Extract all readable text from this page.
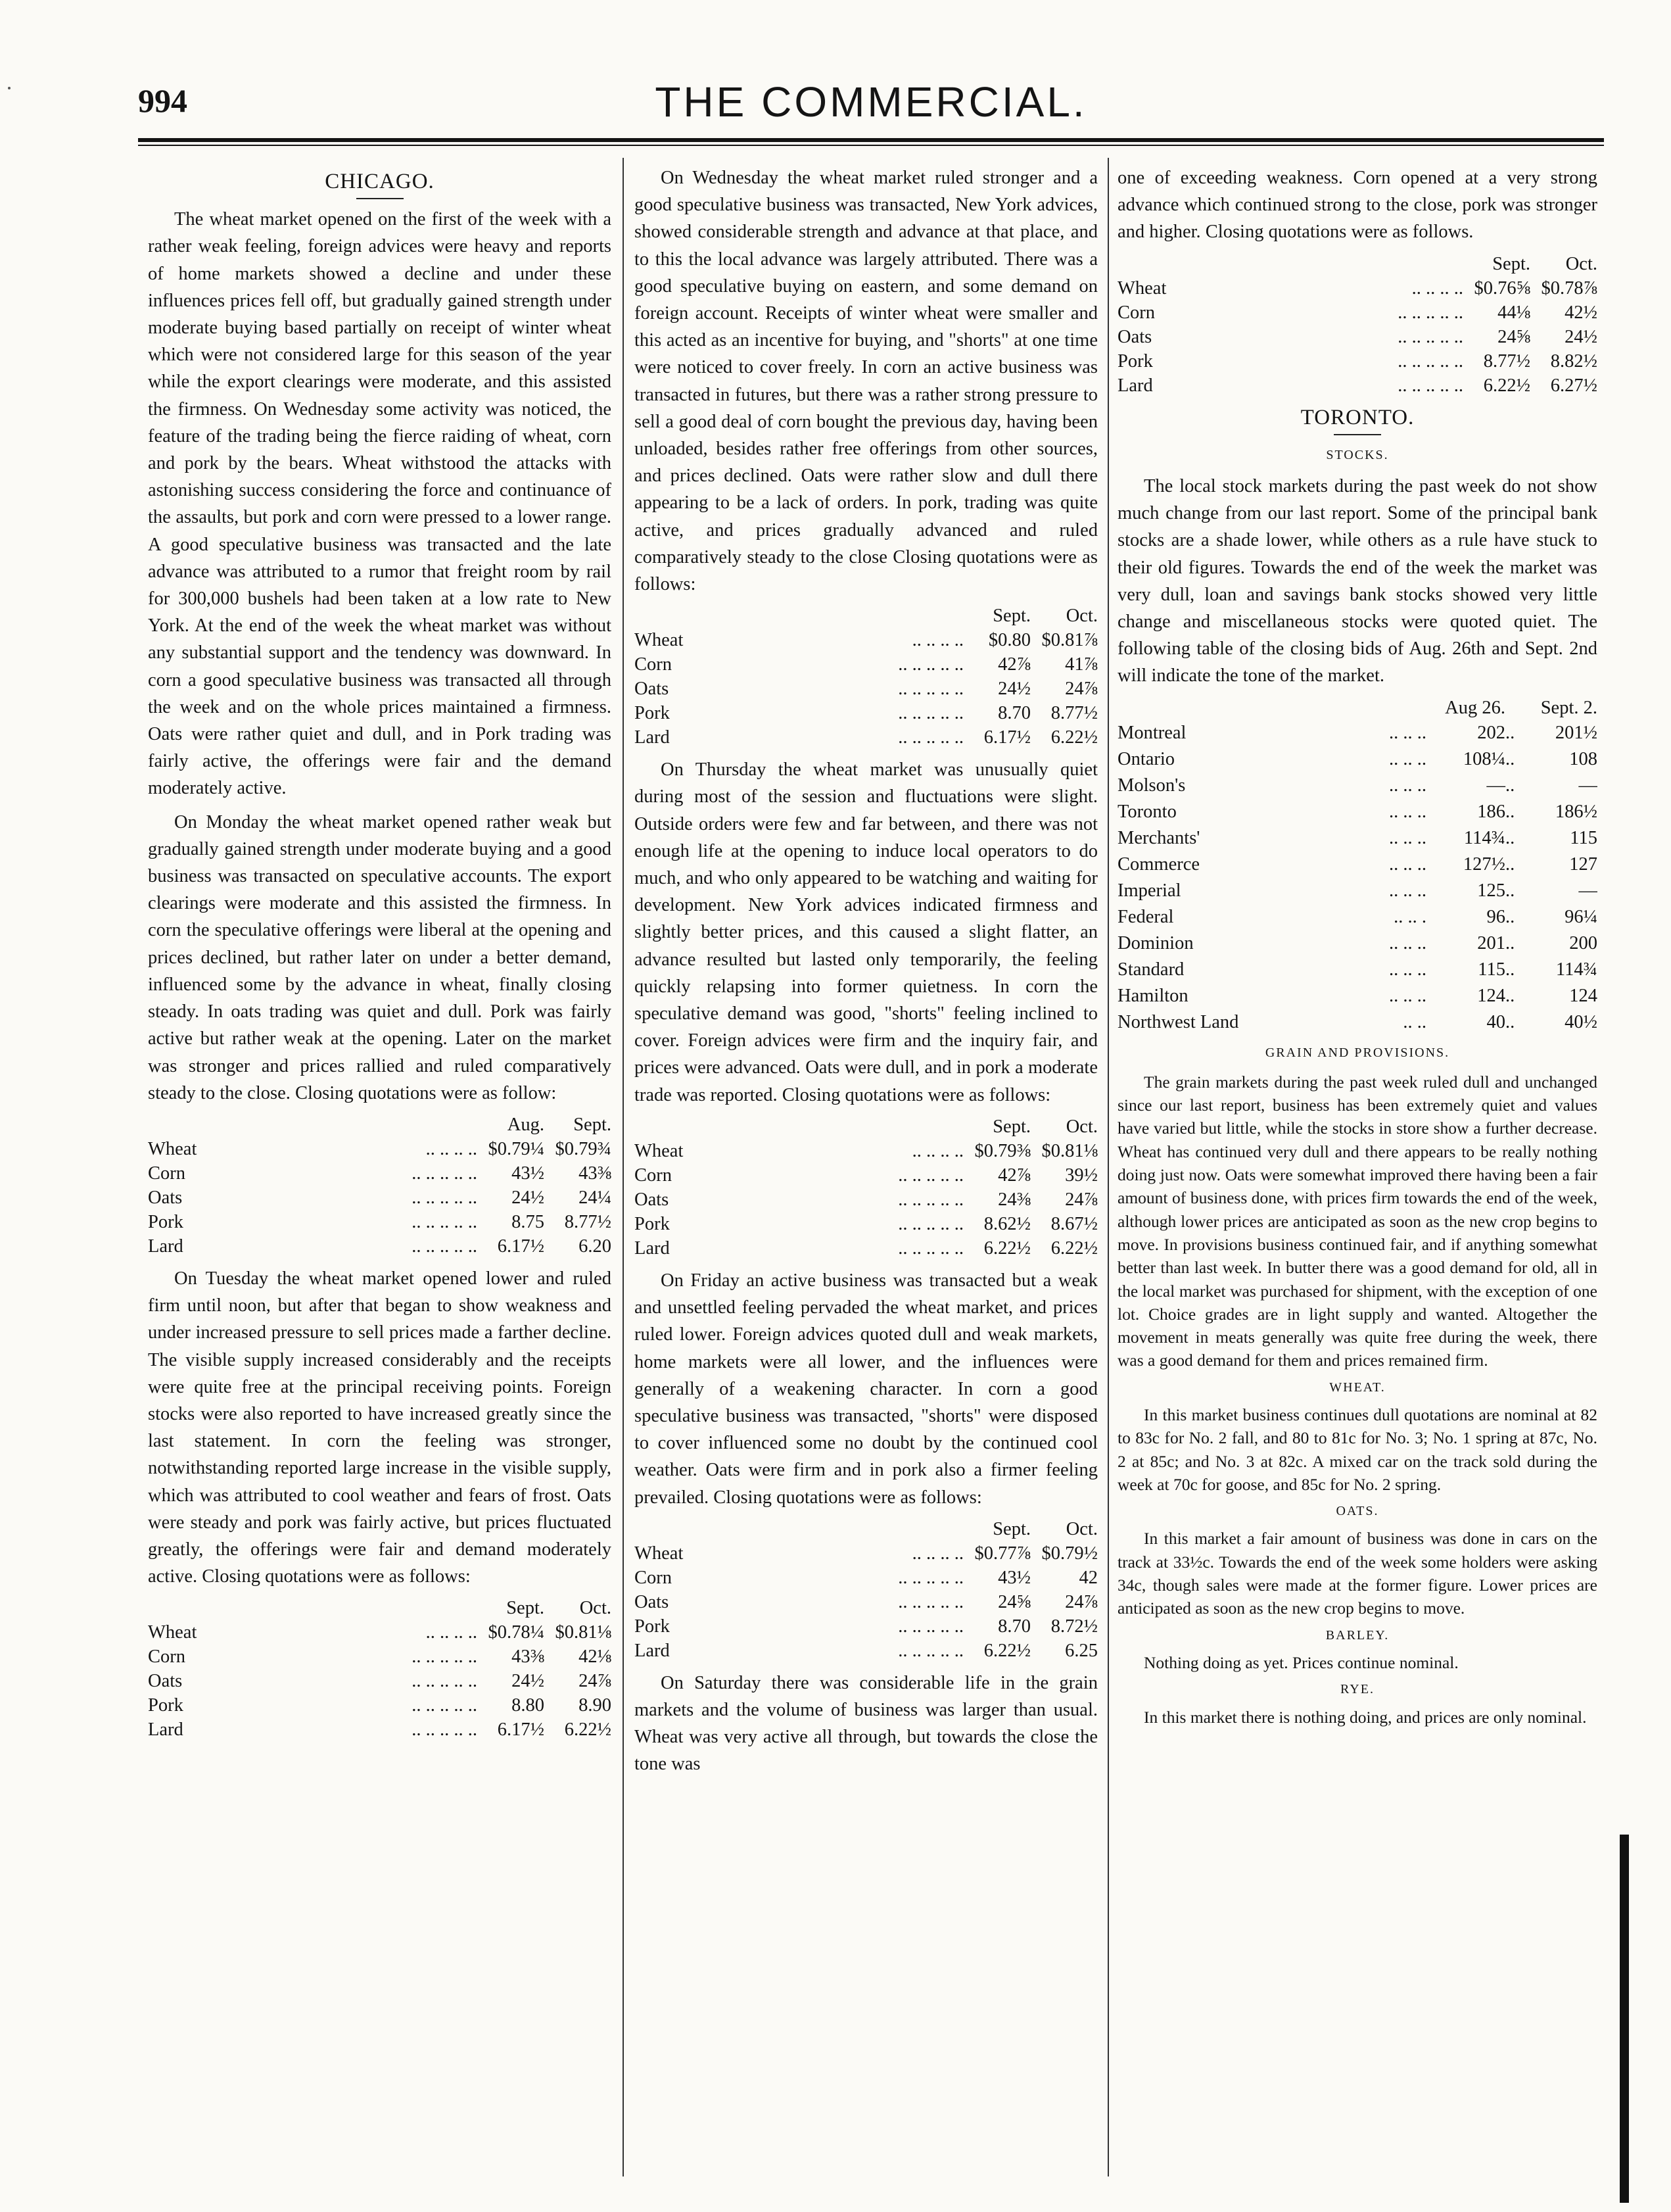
994	THE COMMERCIAL.
CHICAGO.

The wheat market opened on the first of the week with a rather weak feeling, foreign advices were heavy and reports of home markets showed a decline and under these influences prices fell off, but gradually gained strength under moderate buying based partially on receipt of winter wheat which were not considered large for this season of the year while the export clearings were moderate, and this assisted the firmness. On Wednesday some activity was noticed, the feature of the trading being the fierce raiding of wheat, corn and pork by the bears. Wheat withstood the attacks with astonishing success considering the force and continuance of the assaults, but pork and corn were pressed to a lower range. A good speculative business was transacted and the late advance was attributed to a rumor that freight room by rail for 300,000 bushels had been taken at a low rate to New York. At the end of the week the wheat market was without any substantial support and the tendency was downward. In corn a good speculative business was transacted all through the week and on the whole prices maintained a firmness. Oats were rather quiet and dull, and in Pork trading was fairly active, the offerings were fair and the demand moderately active.

On Monday the wheat market opened rather weak but gradually gained strength under moderate buying and a good business was transacted on speculative accounts. The export clearings were moderate and this assisted the firmness. In corn the speculative offerings were liberal at the opening and prices declined, but rather later on under a better demand, influenced some by the advance in wheat, finally closing steady. In oats trading was quiet and dull. Pork was fairly active but rather weak at the opening. Later on the market was stronger and prices rallied and ruled comparatively steady to the close. Closing quotations were as follow:

		Aug.	Sept.
Wheat	.. .. .. ..	$0.79¼	$0.79¾
Corn	.. .. .. .. ..	43½	43⅜
Oats	.. .. .. .. ..	24½	24¼
Pork	.. .. .. .. ..	8.75	8.77½
Lard	.. .. .. .. ..	6.17½	6.20

On Tuesday the wheat market opened lower and ruled firm until noon, but after that began to show weakness and under increased pressure to sell prices made a farther decline. The visible supply increased considerably and the receipts were quite free at the principal receiving points. Foreign stocks were also reported to have increased greatly since the last statement. In corn the feeling was stronger, notwithstanding reported large increase in the visible supply, which was attributed to cool weather and fears of frost. Oats were steady and pork was fairly active, but prices fluctuated greatly, the offerings were fair and demand moderately active. Closing quotations were as follows:

		Sept.	Oct.
Wheat	.. .. .. ..	$0.78¼	$0.81⅛
Corn	.. .. .. .. ..	43⅜	42⅛
Oats	.. .. .. .. ..	24½	24⅞
Pork	.. .. .. .. ..	8.80	8.90
Lard	.. .. .. .. ..	6.17½	6.22½

On Wednesday the wheat market ruled stronger and a good speculative business was transacted, New York advices, showed considerable strength and advance at that place, and to this the local advance was largely attributed. There was a good speculative buying on eastern, and some demand on foreign account. Receipts of winter wheat were smaller and this acted as an incentive for buying, and "shorts" at one time were noticed to cover freely. In corn an active business was transacted in futures, but there was a rather strong pressure to sell a good deal of corn bought the previous day, having been unloaded, besides rather free offerings from other sources, and prices declined. Oats were rather slow and dull there appearing to be a lack of orders. In pork, trading was quite active, and prices gradually advanced and ruled comparatively steady to the close Closing quotations were as follows:

		Sept.	Oct.
Wheat	.. .. .. ..	$0.80	$0.81⅞
Corn	.. .. .. .. ..	42⅞	41⅞
Oats	.. .. .. .. ..	24½	24⅞
Pork	.. .. .. .. ..	8.70	8.77½
Lard	.. .. .. .. ..	6.17½	6.22½

On Thursday the wheat market was unusually quiet during most of the session and fluctuations were slight. Outside orders were few and far between, and there was not enough life at the opening to induce local operators to do much, and who only appeared to be watching and waiting for development. New York advices indicated firmness and slightly better prices, and this caused a slight flatter, an advance resulted but lasted only temporarily, the feeling quickly relapsing into former quietness. In corn the speculative demand was good, "shorts" feeling inclined to cover. Foreign advices were firm and the inquiry fair, and prices were advanced. Oats were dull, and in pork a moderate trade was reported. Closing quotations were as follows:

		Sept.	Oct.
Wheat	.. .. .. ..	$0.79⅜	$0.81⅛
Corn	.. .. .. .. ..	42⅞	39½
Oats	.. .. .. .. ..	24⅜	24⅞
Pork	.. .. .. .. ..	8.62½	8.67½
Lard	.. .. .. .. ..	6.22½	6.22½

On Friday an active business was transacted but a weak and unsettled feeling pervaded the wheat market, and prices ruled lower. Foreign advices quoted dull and weak markets, home markets were all lower, and the influences were generally of a weakening character. In corn a good speculative business was transacted, "shorts" were disposed to cover influenced some no doubt by the continued cool weather. Oats were firm and in pork also a firmer feeling prevailed. Closing quotations were as follows:

		Sept.	Oct.
Wheat	.. .. .. ..	$0.77⅞	$0.79½
Corn	.. .. .. .. ..	43½	42
Oats	.. .. .. .. ..	24⅝	24⅞
Pork	.. .. .. .. ..	8.70	8.72½
Lard	.. .. .. .. ..	6.22½	6.25

On Saturday there was considerable life in the grain markets and the volume of business was larger than usual. Wheat was very active all through, but towards the close the tone was

one of exceeding weakness. Corn opened at a very strong advance which continued strong to the close, pork was stronger and higher. Closing quotations were as follows.

		Sept.	Oct.
Wheat	.. .. .. ..	$0.76⅝	$0.78⅞
Corn	.. .. .. .. ..	44⅛	42½
Oats	.. .. .. .. ..	24⅝	24½
Pork	.. .. .. .. ..	8.77½	8.82½
Lard	.. .. .. .. ..	6.22½	6.27½
TORONTO.
STOCKS.

The local stock markets during the past week do not show much change from our last report. Some of the principal bank stocks are a shade lower, while others as a rule have stuck to their old figures. Towards the end of the week the market was very dull, loan and savings bank stocks showed very little change and miscellaneous stocks were quoted quiet. The following table of the closing bids of Aug. 26th and Sept. 2nd will indicate the tone of the market.

		Aug 26.		Sept. 2.
Montreal	.. .. ..	202	..	201½
Ontario	.. .. ..	108¼	..	108
Molson's	.. .. ..	—	..	—
Toronto	.. .. ..	186	..	186½
Merchants'	.. .. ..	114¾	..	115
Commerce	.. .. ..	127½	..	127
Imperial	.. .. ..	125	..	—
Federal	.. .. .	96	..	96¼
Dominion	.. .. ..	201	..	200
Standard	.. .. ..	115	..	114¾
Hamilton	.. .. ..	124	..	124
Northwest Land	.. ..	40	..	40½
GRAIN AND PROVISIONS.

The grain markets during the past week ruled dull and unchanged since our last report, business has been extremely quiet and values have varied but little, while the stocks in store show a further decrease. Wheat has continued very dull and there appears to be really nothing doing just now. Oats were somewhat improved there having been a fair amount of business done, with prices firm towards the end of the week, although lower prices are anticipated as soon as the new crop begins to move. In provisions business continued fair, and if anything somewhat better than last week. In butter there was a good demand for old, all in the local market was purchased for shipment, with the exception of one lot. Choice grades are in light supply and wanted. Altogether the movement in meats generally was quite free during the week, there was a good demand for them and prices remained firm.

WHEAT.

In this market business continues dull quotations are nominal at 82 to 83c for No. 2 fall, and 80 to 81c for No. 3; No. 1 spring at 87c, No. 2 at 85c; and No. 3 at 82c. A mixed car on the track sold during the week at 70c for goose, and 85c for No. 2 spring.

OATS.

In this market a fair amount of business was done in cars on the track at 33½c. Towards the end of the week some holders were asking 34c, though sales were made at the former figure. Lower prices are anticipated as soon as the new crop begins to move.

BARLEY.

Nothing doing as yet. Prices continue nominal.

RYE.

In this market there is nothing doing, and prices are only nominal.
